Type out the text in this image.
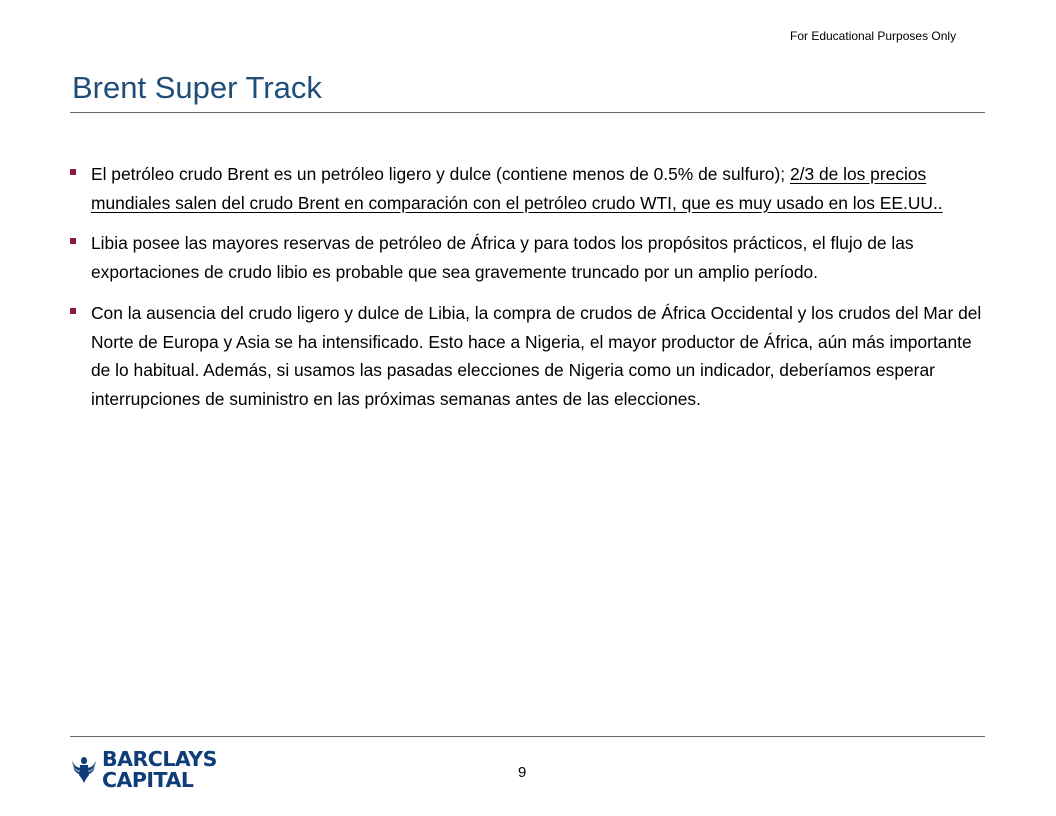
For Educational Purposes Only
Brent Super Track
El petróleo crudo Brent es un petróleo ligero y dulce (contiene menos de 0.5% de sulfuro); 2/3 de los precios mundiales salen del crudo Brent en comparación con el petróleo crudo WTI, que es muy usado en los EE.UU..
Libia posee las mayores reservas de petróleo de África y para todos los propósitos prácticos, el flujo de las exportaciones de crudo libio es probable que sea gravemente truncado por un amplio período.
Con la ausencia del crudo ligero y dulce de Libia, la compra de crudos de África Occidental y los crudos del Mar del Norte de Europa y Asia se ha intensificado. Esto hace a Nigeria, el mayor productor de África, aún más importante de lo habitual. Además, si usamos las pasadas elecciones de Nigeria como un indicador, deberíamos esperar interrupciones de suministro en las próximas semanas antes de las elecciones.
BARCLAYS
CAPITAL	9
